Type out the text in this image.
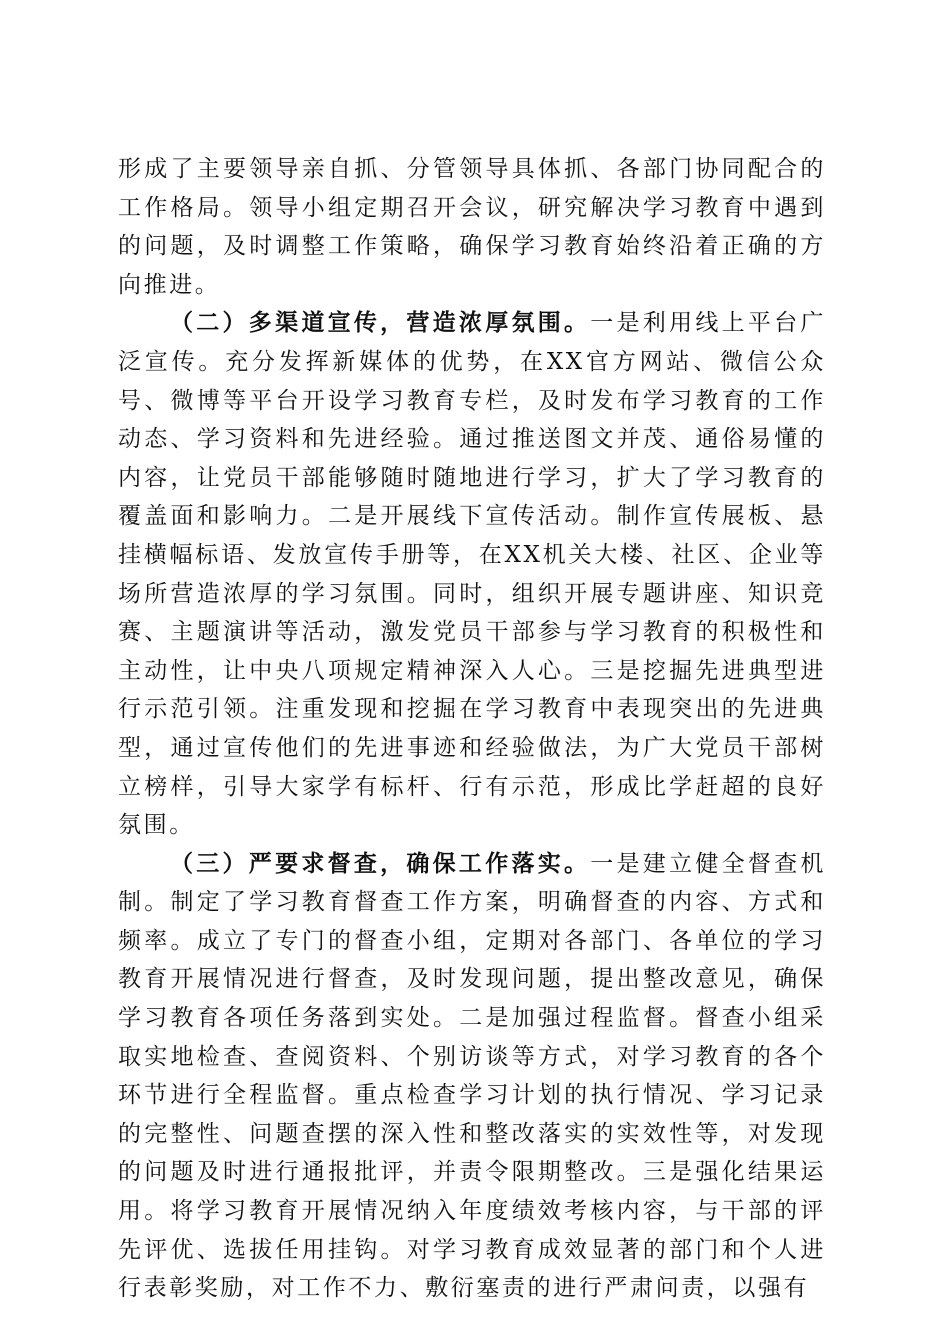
形成了主要领导亲自抓、分管领导具体抓、各部门协同配合的工作格局。领导小组定期召开会议，研究解决学习教育中遇到的问题，及时调整工作策略，确保学习教育始终沿着正确的方向推进。

（二）多渠道宣传，营造浓厚氛围。一是利用线上平台广泛宣传。充分发挥新媒体的优势，在XX官方网站、微信公众号、微博等平台开设学习教育专栏，及时发布学习教育的工作动态、学习资料和先进经验。通过推送图文并茂、通俗易懂的内容，让党员干部能够随时随地进行学习，扩大了学习教育的覆盖面和影响力。二是开展线下宣传活动。制作宣传展板、悬挂横幅标语、发放宣传手册等，在XX机关大楼、社区、企业等场所营造浓厚的学习氛围。同时，组织开展专题讲座、知识竞赛、主题演讲等活动，激发党员干部参与学习教育的积极性和主动性，让中央八项规定精神深入人心。三是挖掘先进典型进行示范引领。注重发现和挖掘在学习教育中表现突出的先进典型，通过宣传他们的先进事迹和经验做法，为广大党员干部树立榜样，引导大家学有标杆、行有示范，形成比学赶超的良好氛围。

（三）严要求督查，确保工作落实。一是建立健全督查机制。制定了学习教育督查工作方案，明确督查的内容、方式和频率。成立了专门的督查小组，定期对各部门、各单位的学习教育开展情况进行督查，及时发现问题，提出整改意见，确保学习教育各项任务落到实处。二是加强过程监督。督查小组采取实地检查、查阅资料、个别访谈等方式，对学习教育的各个环节进行全程监督。重点检查学习计划的执行情况、学习记录的完整性、问题查摆的深入性和整改落实的实效性等，对发现的问题及时进行通报批评，并责令限期整改。三是强化结果运用。将学习教育开展情况纳入年度绩效考核内容，与干部的评先评优、选拔任用挂钩。对学习教育成效显著的部门和个人进行表彰奖励，对工作不力、敷衍塞责的进行严肃问责，以强有
